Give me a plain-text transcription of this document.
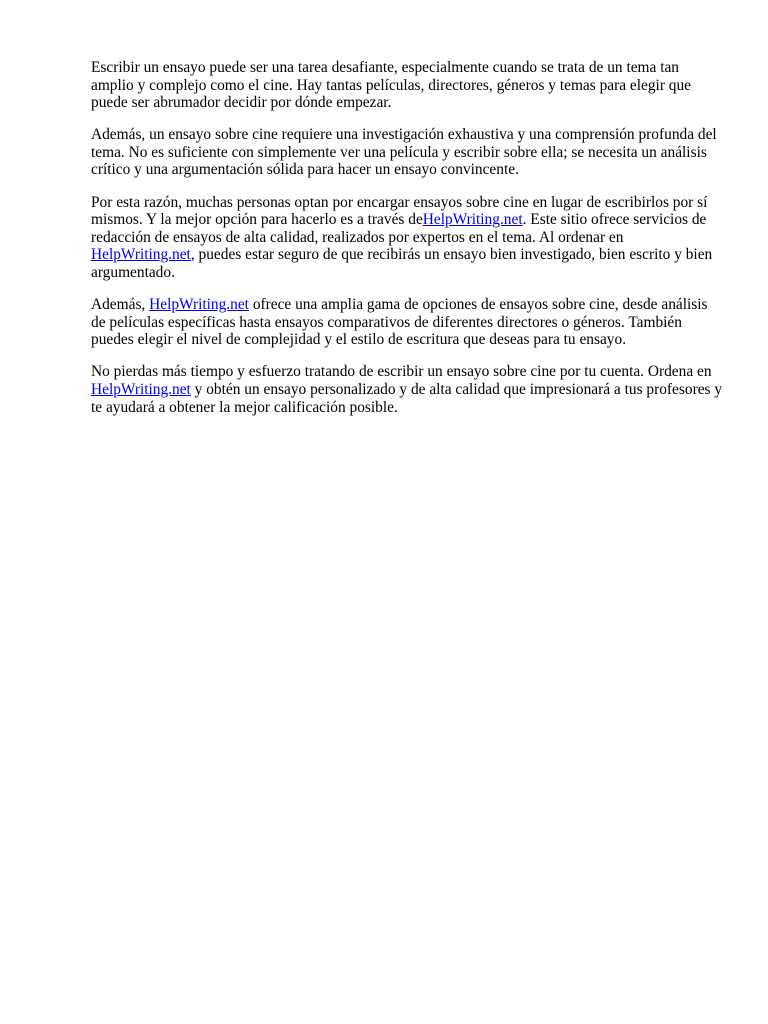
Escribir un ensayo puede ser una tarea desafiante, especialmente cuando se trata de un tema tan amplio y complejo como el cine. Hay tantas películas, directores, géneros y temas para elegir que puede ser abrumador decidir por dónde empezar.

Además, un ensayo sobre cine requiere una investigación exhaustiva y una comprensión profunda del tema. No es suficiente con simplemente ver una película y escribir sobre ella; se necesita un análisis crítico y una argumentación sólida para hacer un ensayo convincente.

Por esta razón, muchas personas optan por encargar ensayos sobre cine en lugar de escribirlos por sí mismos. Y la mejor opción para hacerlo es a través deHelpWriting.net. Este sitio ofrece servicios de redacción de ensayos de alta calidad, realizados por expertos en el tema. Al ordenar en HelpWriting.net, puedes estar seguro de que recibirás un ensayo bien investigado, bien escrito y bien argumentado.

Además, HelpWriting.net ofrece una amplia gama de opciones de ensayos sobre cine, desde análisis de películas específicas hasta ensayos comparativos de diferentes directores o géneros. También puedes elegir el nivel de complejidad y el estilo de escritura que deseas para tu ensayo.

No pierdas más tiempo y esfuerzo tratando de escribir un ensayo sobre cine por tu cuenta. Ordena en HelpWriting.net y obtén un ensayo personalizado y de alta calidad que impresionará a tus profesores y te ayudará a obtener la mejor calificación posible.
